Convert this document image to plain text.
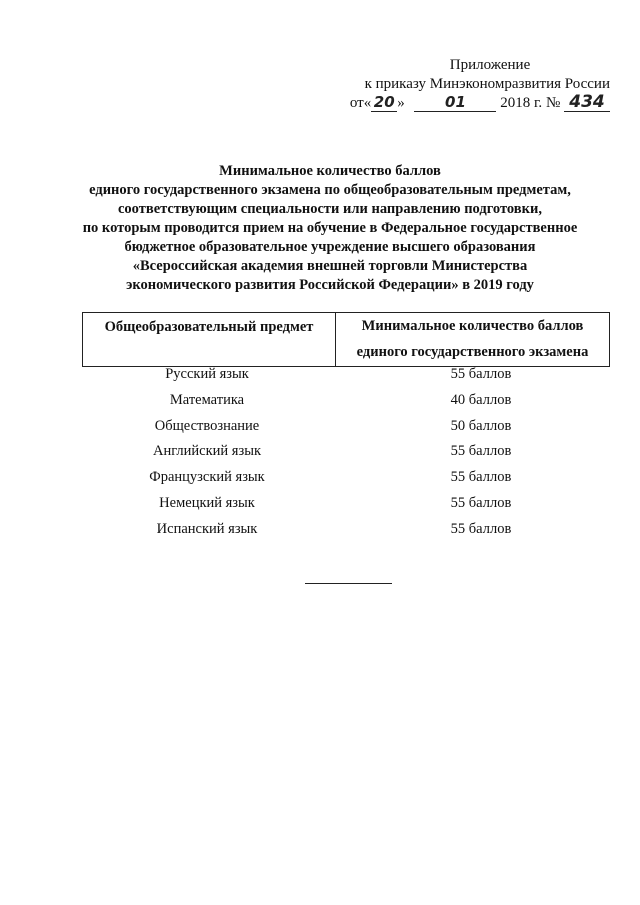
Приложение
к приказу Минэкономразвития России
от« 20 »	01 2018 г. № 434
Минимальное количество баллов
единого государственного экзамена по общеобразовательным предметам,
соответствующим специальности или направлению подготовки,
по которым проводится прием на обучение в Федеральное государственное
бюджетное образовательное учреждение высшего образования
«Всероссийская академия внешней торговли Министерства
экономического развития Российской Федерации» в 2019 году
Общеобразовательный предмет	Минимальное количество баллов
единого государственного экзамена
Русский язык	55 баллов
Математика	40 баллов
Обществознание	50 баллов
Английский язык	55 баллов
Французский язык	55 баллов
Немецкий язык	55 баллов
Испанский язык	55 баллов
